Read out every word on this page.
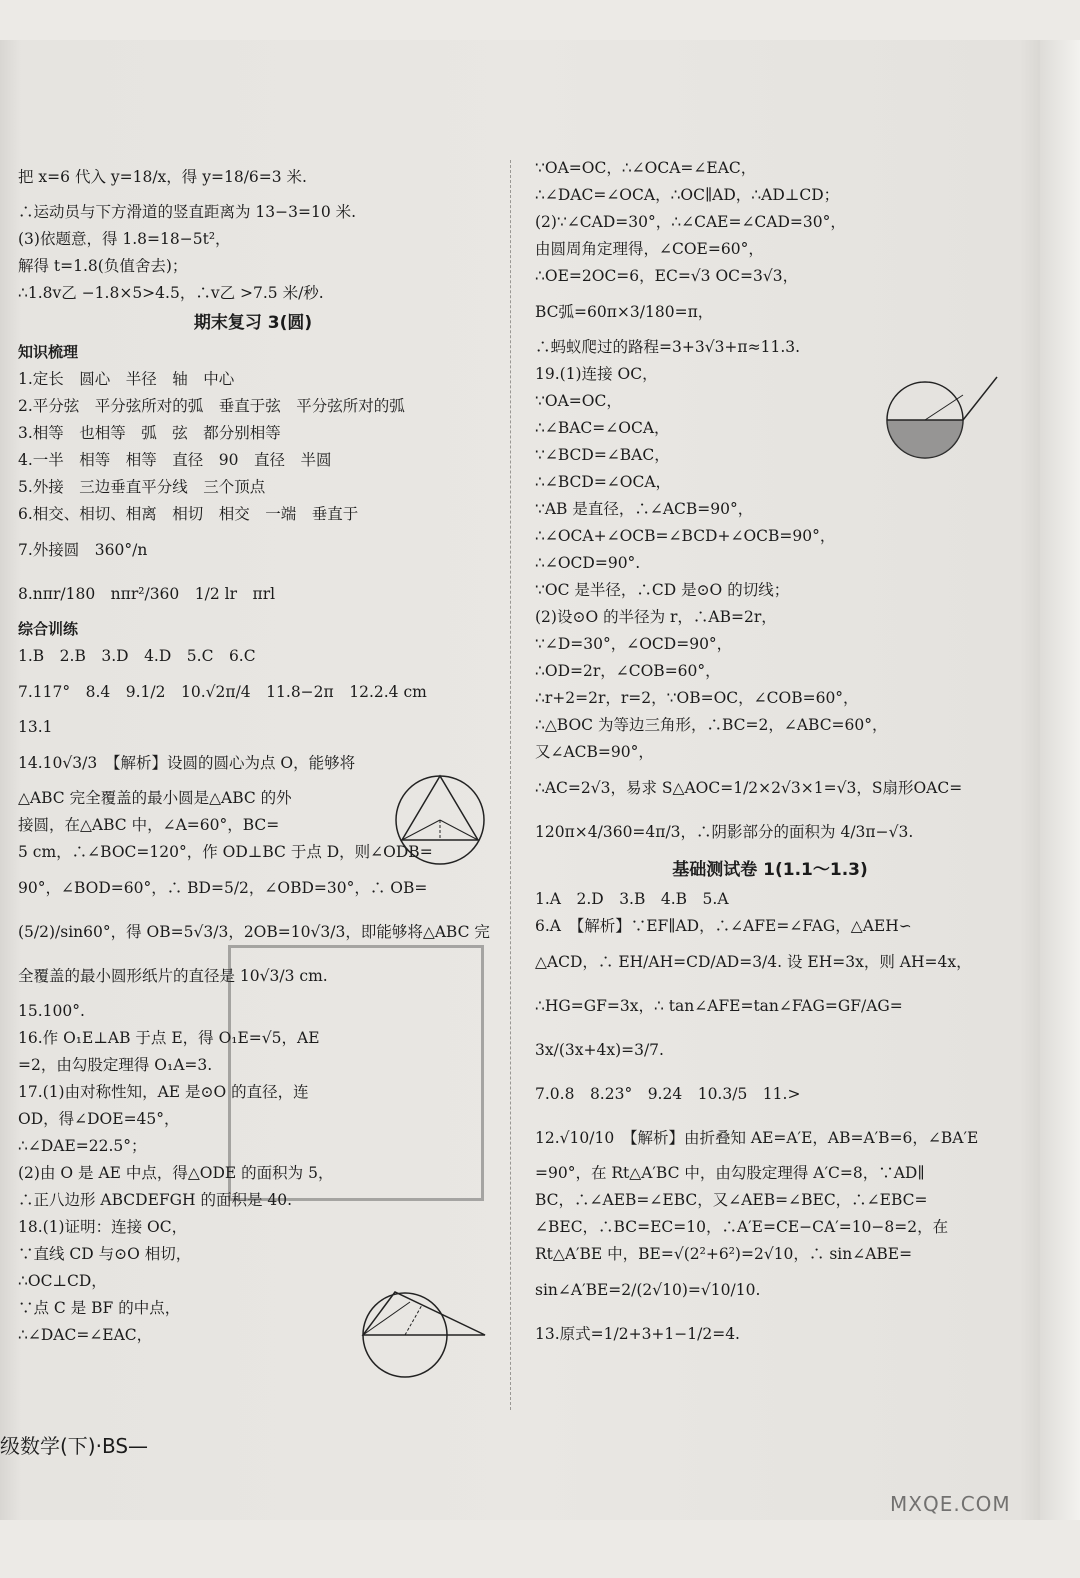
把 x=6 代入 y=18/x，得 y=18/6=3 米.
∴运动员与下方滑道的竖直距离为 13−3=10 米.
(3)依题意，得 1.8=18−5t²，
解得 t=1.8(负值舍去)；
∴1.8v乙 −1.8×5>4.5，∴v乙 >7.5 米/秒.
期末复习 3(圆)
知识梳理
1.定长　圆心　半径　轴　中心
2.平分弦　平分弦所对的弧　垂直于弦　平分弦所对的弧
3.相等　也相等　弧　弦　都分别相等
4.一半　相等　相等　直径　90　直径　半圆
5.外接　三边垂直平分线　三个顶点
6.相交、相切、相离　相切　相交　一端　垂直于
7.外接圆　360°/n
8.nπr/180　nπr²/360　1/2 lr　πrl
综合训练
1.B　2.B　3.D　4.D　5.C　6.C
7.117°　8.4　9.1/2　10.√2π/4　11.8−2π　12.2.4 cm
13.1
14.10√3/3　【解析】设圆的圆心为点 O，能够将
△ABC 完全覆盖的最小圆是△ABC 的外
接圆，在△ABC 中，∠A=60°，BC=
5 cm，∴∠BOC=120°，作 OD⊥BC 于点 D，则∠ODB=
90°，∠BOD=60°，∴ BD=5/2，∠OBD=30°，∴ OB=
(5/2)/sin60°，得 OB=5√3/3，2OB=10√3/3，即能够将△ABC 完
全覆盖的最小圆形纸片的直径是 10√3/3 cm.
15.100°.
16.作 O₁E⊥AB 于点 E，得 O₁E=√5，AE
=2，由勾股定理得 O₁A=3.
17.(1)由对称性知，AE 是⊙O 的直径，连
OD，得∠DOE=45°，
∴∠DAE=22.5°；
(2)由 O 是 AE 中点，得△ODE 的面积为 5，
∴正八边形 ABCDEFGH 的面积是 40.
18.(1)证明：连接 OC，
∵直线 CD 与⊙O 相切，
∴OC⊥CD，
∵点 C 是 BF 的中点，
∴∠DAC=∠EAC，
∵OA=OC，∴∠OCA=∠EAC，
∴∠DAC=∠OCA，∴OC∥AD，∴AD⊥CD；
(2)∵∠CAD=30°，∴∠CAE=∠CAD=30°，
由圆周角定理得，∠COE=60°，
∴OE=2OC=6，EC=√3 OC=3√3，
BC弧=60π×3/180=π，
∴蚂蚁爬过的路程=3+3√3+π≈11.3.
19.(1)连接 OC，
∵OA=OC，
∴∠BAC=∠OCA，
∵∠BCD=∠BAC，
∴∠BCD=∠OCA，
∵AB 是直径，∴∠ACB=90°，
∴∠OCA+∠OCB=∠BCD+∠OCB=90°，
∴∠OCD=90°.
∵OC 是半径，∴CD 是⊙O 的切线；
(2)设⊙O 的半径为 r，∴AB=2r，
∵∠D=30°，∠OCD=90°，
∴OD=2r，∠COB=60°，
∴r+2=2r，r=2，∵OB=OC，∠COB=60°，
∴△BOC 为等边三角形，∴BC=2，∠ABC=60°，
又∠ACB=90°，
∴AC=2√3，易求 S△AOC=1/2×2√3×1=√3，S扇形OAC=
120π×4/360=4π/3，∴阴影部分的面积为 4/3π−√3.
基础测试卷 1(1.1～1.3)
1.A　2.D　3.B　4.B　5.A
6.A　【解析】∵EF∥AD，∴∠AFE=∠FAG，△AEH∽
△ACD，∴ EH/AH=CD/AD=3/4. 设 EH=3x，则 AH=4x，
∴HG=GF=3x，∴ tan∠AFE=tan∠FAG=GF/AG=
3x/(3x+4x)=3/7.
7.0.8　8.23°　9.24　10.3/5　11.>
12.√10/10　【解析】由折叠知 AE=A′E，AB=A′B=6，∠BA′E
=90°，在 Rt△A′BC 中，由勾股定理得 A′C=8，∵AD∥
BC，∴∠AEB=∠EBC，又∠AEB=∠BEC，∴∠EBC=
∠BEC，∴BC=EC=10，∴A′E=CE−CA′=10−8=2，在
Rt△A′BE 中，BE=√(2²+6²)=2√10，∴ sin∠ABE=
sin∠A′BE=2/(2√10)=√10/10.
13.原式=1/2+3+1−1/2=4.
级数学(下)·BS—
MXQE.COM
